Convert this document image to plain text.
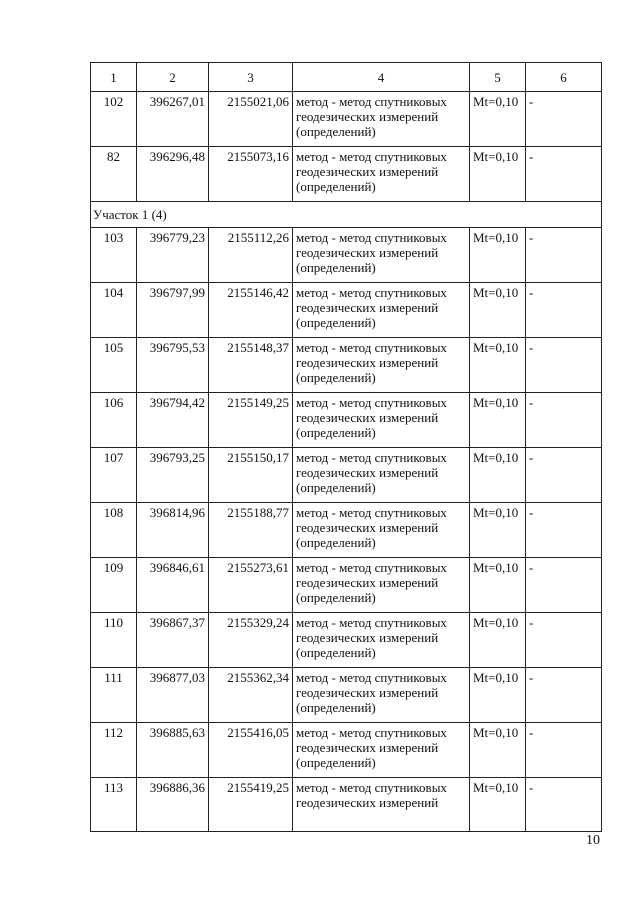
1	2	3	4	5	6
102	396267,01	2155021,06	метод - метод спутниковых геодезических измерений (определений)	Mt=0,10	-
82	396296,48	2155073,16	метод - метод спутниковых геодезических измерений (определений)	Mt=0,10	-
Участок 1 (4)					
103	396779,23	2155112,26	метод - метод спутниковых геодезических измерений (определений)	Mt=0,10	-
104	396797,99	2155146,42	метод - метод спутниковых геодезических измерений (определений)	Mt=0,10	-
105	396795,53	2155148,37	метод - метод спутниковых геодезических измерений (определений)	Mt=0,10	-
106	396794,42	2155149,25	метод - метод спутниковых геодезических измерений (определений)	Mt=0,10	-
107	396793,25	2155150,17	метод - метод спутниковых геодезических измерений (определений)	Mt=0,10	-
108	396814,96	2155188,77	метод - метод спутниковых геодезических измерений (определений)	Mt=0,10	-
109	396846,61	2155273,61	метод - метод спутниковых геодезических измерений (определений)	Mt=0,10	-
110	396867,37	2155329,24	метод - метод спутниковых геодезических измерений (определений)	Mt=0,10	-
111	396877,03	2155362,34	метод - метод спутниковых геодезических измерений (определений)	Mt=0,10	-
112	396885,63	2155416,05	метод - метод спутниковых геодезических измерений (определений)	Mt=0,10	-
113	396886,36	2155419,25	метод - метод спутниковых геодезических измерений	Mt=0,10	-
10
